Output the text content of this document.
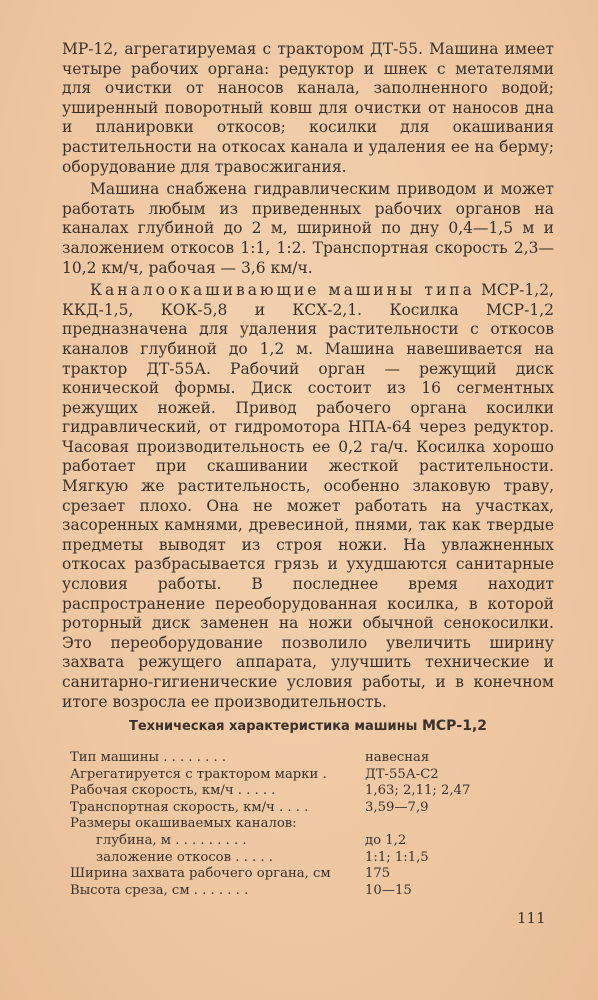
МР-12, агрегатируемая с трактором ДТ-55. Машина имеет четыре рабочих органа: редуктор и шнек с метателями для очистки от наносов канала, заполненного водой; уширенный поворотный ковш для очистки от наносов дна и планировки откосов; косилки для окашивания растительности на откосах канала и удаления ее на берму; оборудование для травосжигания.

Машина снабжена гидравлическим приводом и может работать любым из приведенных рабочих органов на каналах глубиной до 2 м, шириной по дну 0,4—1,5 м и заложением откосов 1:1, 1:2. Транспортная скорость 2,3—10,2 км/ч, рабочая — 3,6 км/ч.

Каналоокашивающие машины типа МСР-1,2, ККД-1,5, КОК-5,8 и КСХ-2,1. Косилка МСР-1,2 предназначена для удаления растительности с откосов каналов глубиной до 1,2 м. Машина навешивается на трактор ДТ-55А. Рабочий орган — режущий диск конической формы. Диск состоит из 16 сегментных режущих ножей. Привод рабочего органа косилки гидравлический, от гидромотора НПА-64 через редуктор. Часовая производительность ее 0,2 га/ч. Косилка хорошо работает при скашивании жесткой растительности. Мягкую же растительность, особенно злаковую траву, срезает плохо. Она не может работать на участках, засоренных камнями, древесиной, пнями, так как твердые предметы выводят из строя ножи. На увлажненных откосах разбрасывается грязь и ухудшаются санитарные условия работы. В последнее время находит распространение переоборудованная косилка, в которой роторный диск заменен на ножи обычной сенокосилки. Это переоборудование позволило увеличить ширину захвата режущего аппарата, улучшить технические и санитарно-гигиенические условия работы, и в конечном итоге возросла ее производительность.

Техническая характеристика машины МСР-1,2
Тип машины . . . . . . . .	навесная
Агрегатируется с трактором марки .	ДТ-55А-С2
Рабочая скорость, км/ч . . . . .	1,63; 2,11; 2,47
Транспортная скорость, км/ч . . . .	3,59—7,9
Размеры окашиваемых каналов:
глубина, м . . . . . . . . .	до 1,2
заложение откосов . . . . .	1:1; 1:1,5
Ширина захвата рабочего органа, см	175
Высота среза, см . . . . . . .	10—15
111
